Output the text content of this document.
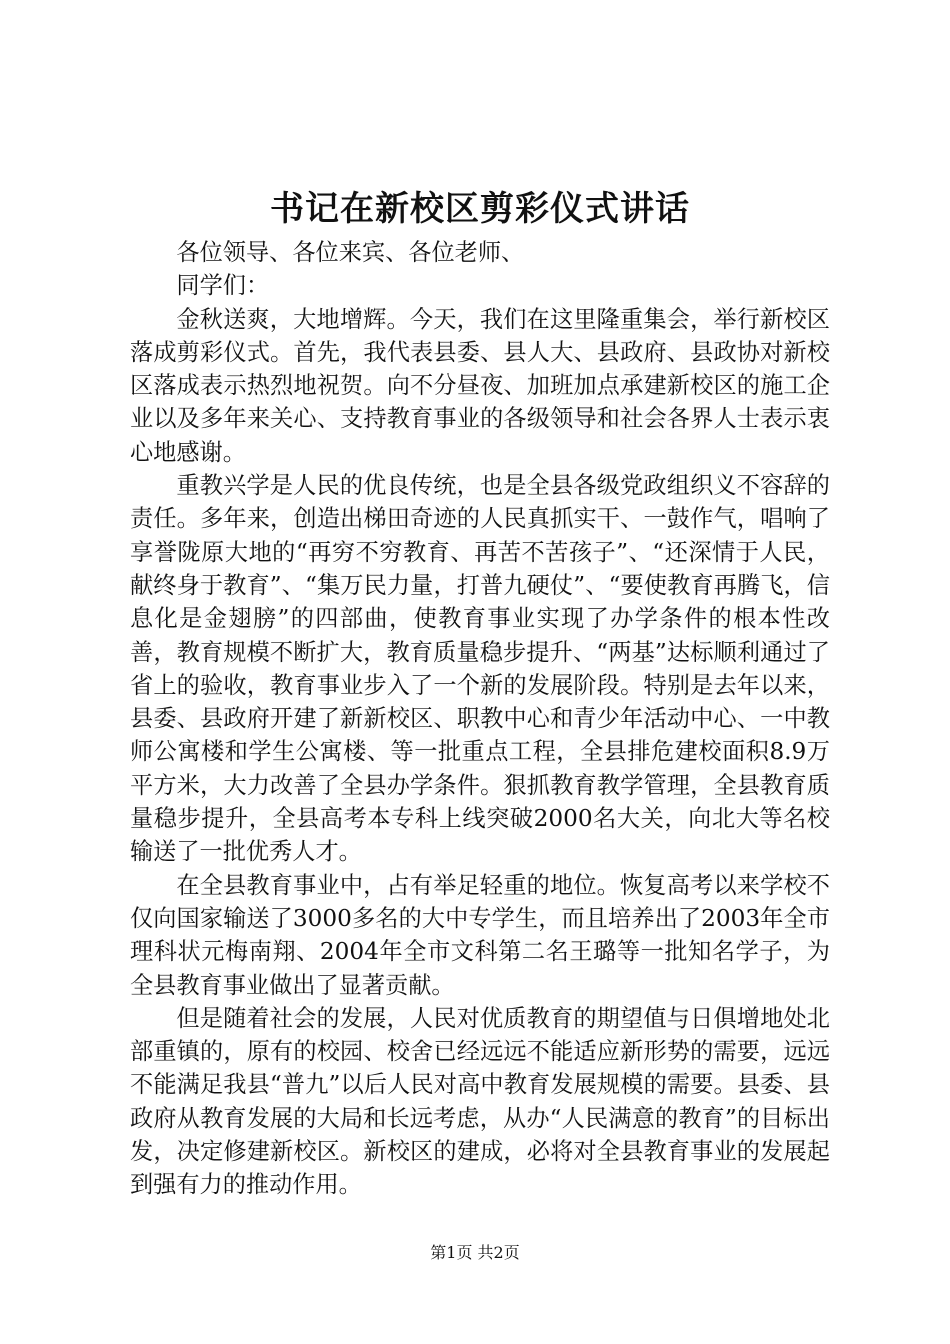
书记在新校区剪彩仪式讲话

各位领导、各位来宾、各位老师、

同学们：

金秋送爽，大地增辉。今天，我们在这里隆重集会，举行新校区落成剪彩仪式。首先，我代表县委、县人大、县政府、县政协对新校区落成表示热烈地祝贺。向不分昼夜、加班加点承建新校区的施工企业以及多年来关心、支持教育事业的各级领导和社会各界人士表示衷心地感谢。

重教兴学是人民的优良传统，也是全县各级党政组织义不容辞的责任。多年来，创造出梯田奇迹的人民真抓实干、一鼓作气，唱响了享誉陇原大地的“再穷不穷教育、再苦不苦孩子”、“还深情于人民，献终身于教育”、“集万民力量，打普九硬仗”、“要使教育再腾飞，信息化是金翅膀”的四部曲，使教育事业实现了办学条件的根本性改善，教育规模不断扩大，教育质量稳步提升、“两基”达标顺利通过了省上的验收，教育事业步入了一个新的发展阶段。特别是去年以来，县委、县政府开建了新新校区、职教中心和青少年活动中心、一中教师公寓楼和学生公寓楼、等一批重点工程，全县排危建校面积8.9万平方米，大力改善了全县办学条件。狠抓教育教学管理，全县教育质量稳步提升，全县高考本专科上线突破2000名大关，向北大等名校输送了一批优秀人才。

在全县教育事业中，占有举足轻重的地位。恢复高考以来学校不仅向国家输送了3000多名的大中专学生，而且培养出了2003年全市理科状元梅南翔、2004年全市文科第二名王璐等一批知名学子，为全县教育事业做出了显著贡献。

但是随着社会的发展，人民对优质教育的期望值与日俱增地处北部重镇的，原有的校园、校舍已经远远不能适应新形势的需要，远远不能满足我县“普九”以后人民对高中教育发展规模的需要。县委、县政府从教育发展的大局和长远考虑，从办“人民满意的教育”的目标出发，决定修建新校区。新校区的建成，必将对全县教育事业的发展起到强有力的推动作用。

第1页 共2页
